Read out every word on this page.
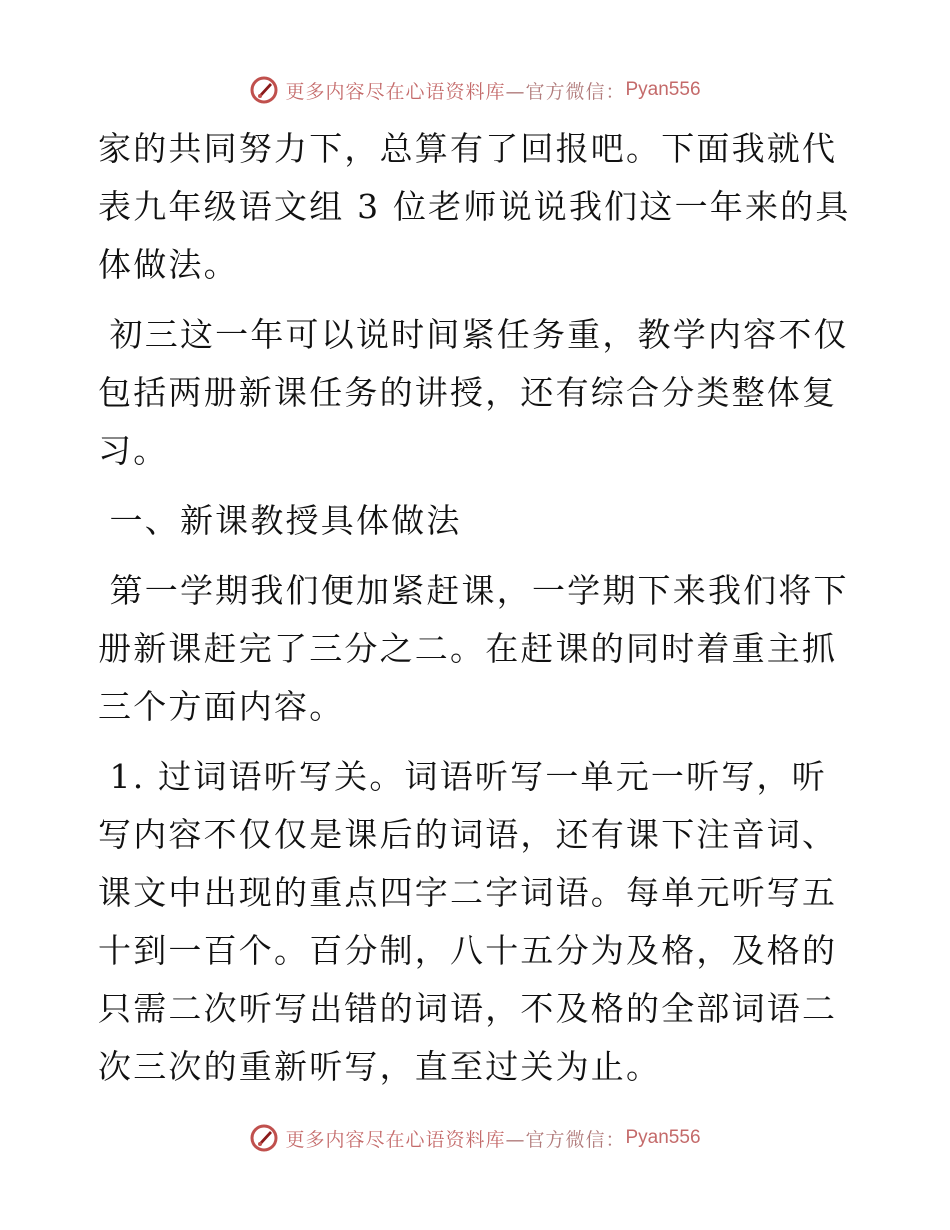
更多内容尽在心语资料库 —官方微信： Pyan556

家的共同努力下，总算有了回报吧。下面我就代表九年级语文组 3 位老师说说我们这一年来的具体做法。

初三这一年可以说时间紧任务重，教学内容不仅包括两册新课任务的讲授，还有综合分类整体复习。

一、新课教授具体做法

第一学期我们便加紧赶课，一学期下来我们将下册新课赶完了三分之二。在赶课的同时着重主抓三个方面内容。

1. 过词语听写关。词语听写一单元一听写，听写内容不仅仅是课后的词语，还有课下注音词、课文中出现的重点四字二字词语。每单元听写五十到一百个。百分制，八十五分为及格，及格的只需二次听写出错的词语，不及格的全部词语二次三次的重新听写，直至过关为止。

更多内容尽在心语资料库 —官方微信： Pyan556
